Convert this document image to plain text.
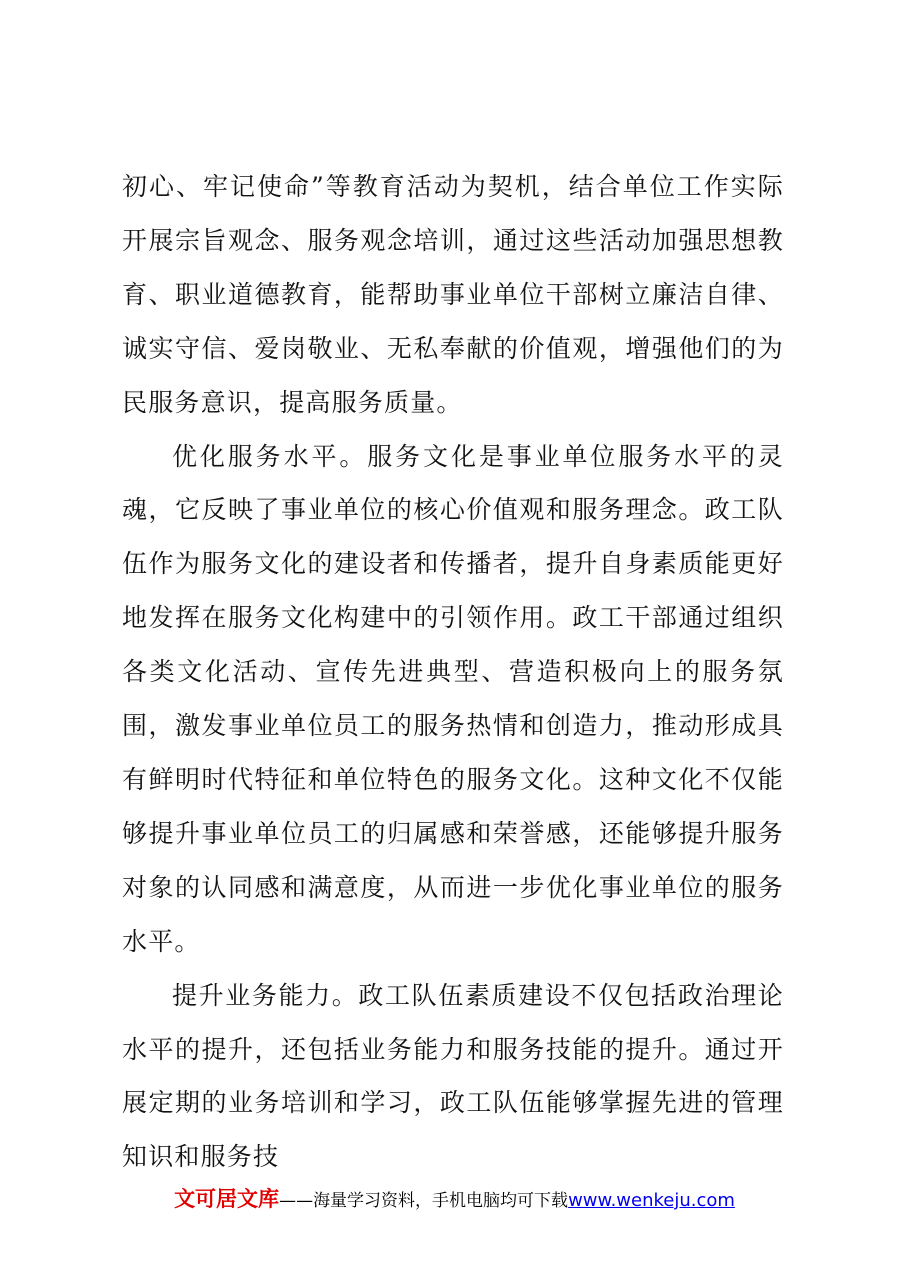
初心、牢记使命”等教育活动为契机，结合单位工作实际开展宗旨观念、服务观念培训，通过这些活动加强思想教育、职业道德教育，能帮助事业单位干部树立廉洁自律、诚实守信、爱岗敬业、无私奉献的价值观，增强他们的为民服务意识，提高服务质量。

优化服务水平。服务文化是事业单位服务水平的灵魂，它反映了事业单位的核心价值观和服务理念。政工队伍作为服务文化的建设者和传播者，提升自身素质能更好地发挥在服务文化构建中的引领作用。政工干部通过组织各类文化活动、宣传先进典型、营造积极向上的服务氛围，激发事业单位员工的服务热情和创造力，推动形成具有鲜明时代特征和单位特色的服务文化。这种文化不仅能够提升事业单位员工的归属感和荣誉感，还能够提升服务对象的认同感和满意度，从而进一步优化事业单位的服务水平。

提升业务能力。政工队伍素质建设不仅包括政治理论水平的提升，还包括业务能力和服务技能的提升。通过开展定期的业务培训和学习，政工队伍能够掌握先进的管理知识和服务技

文可居文库——海量学习资料，手机电脑均可下载www.wenkeju.com
